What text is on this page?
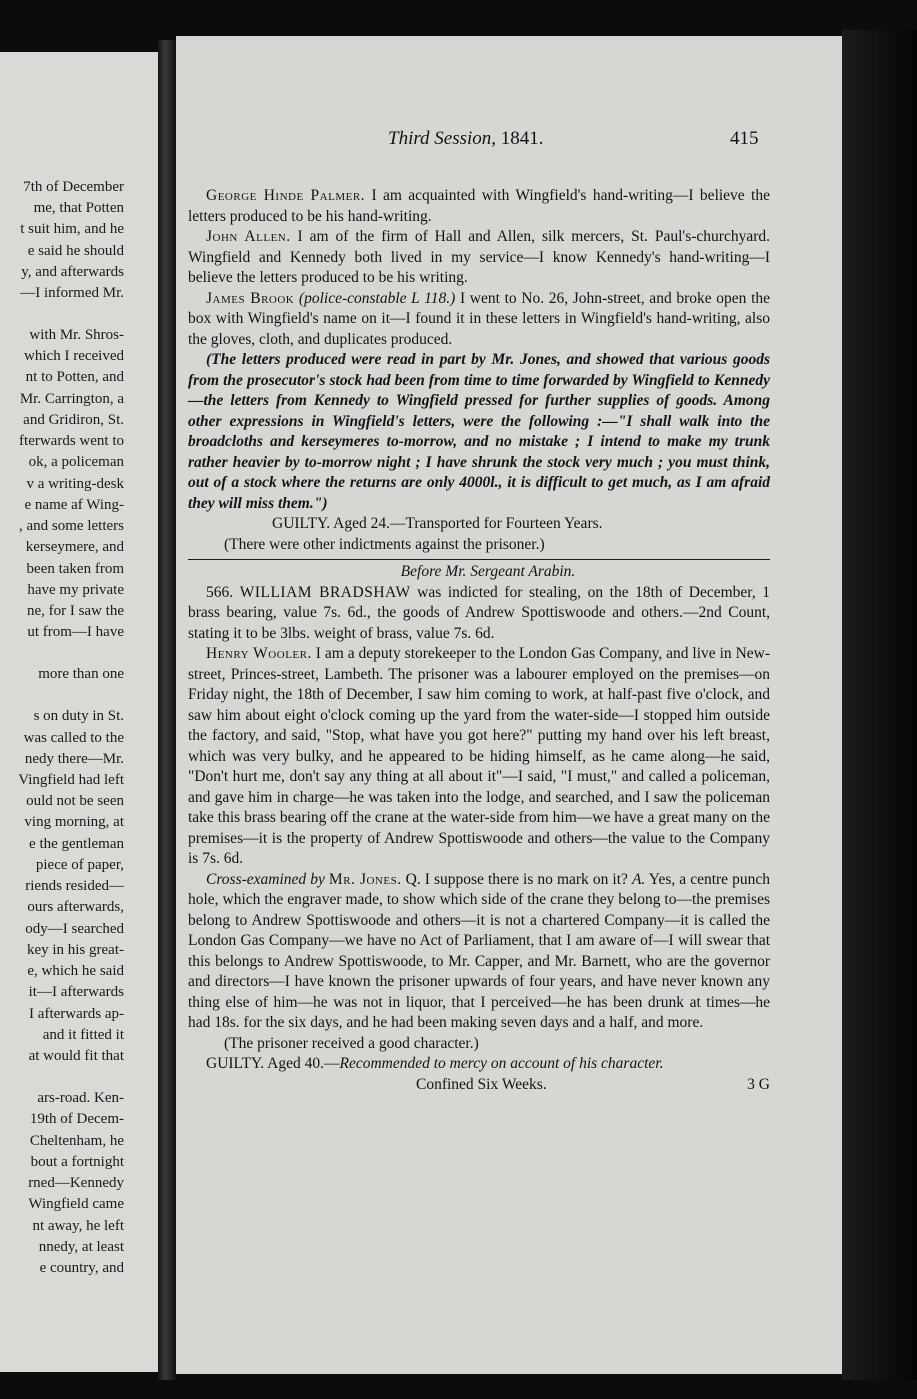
7th of December
me, that Potten
t suit him, and he
e said he should
y, and afterwards
—I informed Mr.
with Mr. Shros-
which I received
nt to Potten, and
Mr. Carrington, a
and Gridiron, St.
fterwards went to
ok, a policeman
v a writing-desk
e name af Wing-
, and some letters
kerseymere, and
been taken from
have my private
ne, for I saw the
ut from—I have
more than one
s on duty in St.
was called to the
nedy there—Mr.
Vingfield had left
ould not be seen
ving morning, at
e the gentleman
piece of paper,
riends resided—
ours afterwards,
ody—I searched
key in his great-
e, which he said
it—I afterwards
I afterwards ap-
and it fitted it
at would fit that
ars-road. Ken-
19th of Decem-
Cheltenham, he
bout a fortnight
rned—Kennedy
Wingfield came
nt away, he left
nnedy, at least
e country, and
Third Session, 1841.	415

George Hinde Palmer. I am acquainted with Wingfield's hand-writing—I believe the letters produced to be his hand-writing.

John Allen. I am of the firm of Hall and Allen, silk mercers, St. Paul's-churchyard. Wingfield and Kennedy both lived in my service—I know Kennedy's hand-writing—I believe the letters produced to be his writing.

James Brook (police-constable L 118.) I went to No. 26, John-street, and broke open the box with Wingfield's name on it—I found it in these letters in Wingfield's hand-writing, also the gloves, cloth, and duplicates produced.

(The letters produced were read in part by Mr. Jones, and showed that various goods from the prosecutor's stock had been from time to time forwarded by Wingfield to Kennedy—the letters from Kennedy to Wingfield pressed for further supplies of goods. Among other expressions in Wingfield's letters, were the following :—"I shall walk into the broadcloths and kerseymeres to-morrow, and no mistake ; I intend to make my trunk rather heavier by to-morrow night ; I have shrunk the stock very much ; you must think, out of a stock where the returns are only 4000l., it is difficult to get much, as I am afraid they will miss them.")

GUILTY. Aged 24.—Transported for Fourteen Years.

(There were other indictments against the prisoner.)

Before Mr. Sergeant Arabin.

566. WILLIAM BRADSHAW was indicted for stealing, on the 18th of December, 1 brass bearing, value 7s. 6d., the goods of Andrew Spottiswoode and others.—2nd Count, stating it to be 3lbs. weight of brass, value 7s. 6d.

Henry Wooler. I am a deputy storekeeper to the London Gas Company, and live in New-street, Princes-street, Lambeth. The prisoner was a labourer employed on the premises—on Friday night, the 18th of December, I saw him coming to work, at half-past five o'clock, and saw him about eight o'clock coming up the yard from the water-side—I stopped him outside the factory, and said, "Stop, what have you got here?" putting my hand over his left breast, which was very bulky, and he appeared to be hiding himself, as he came along—he said, "Don't hurt me, don't say any thing at all about it"—I said, "I must," and called a policeman, and gave him in charge—he was taken into the lodge, and searched, and I saw the policeman take this brass bearing off the crane at the water-side from him—we have a great many on the premises—it is the property of Andrew Spottiswoode and others—the value to the Company is 7s. 6d.

Cross-examined by Mr. Jones. Q. I suppose there is no mark on it? A. Yes, a centre punch hole, which the engraver made, to show which side of the crane they belong to—the premises belong to Andrew Spottiswoode and others—it is not a chartered Company—it is called the London Gas Company—we have no Act of Parliament, that I am aware of—I will swear that this belongs to Andrew Spottiswoode, to Mr. Capper, and Mr. Barnett, who are the governor and directors—I have known the prisoner upwards of four years, and have never known any thing else of him—he was not in liquor, that I perceived—he has been drunk at times—he had 18s. for the six days, and he had been making seven days and a half, and more.

(The prisoner received a good character.)

GUILTY. Aged 40.—Recommended to mercy on account of his character.

Confined Six Weeks.	3 G
